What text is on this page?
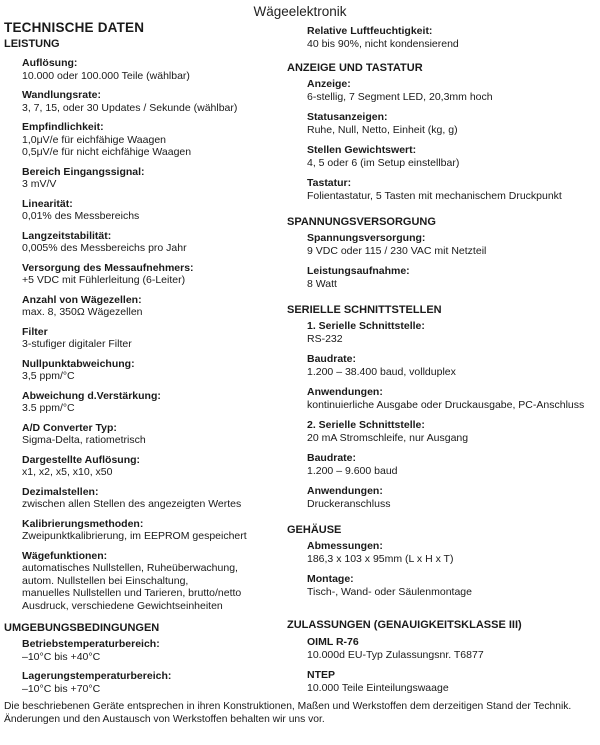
Wägeelektronik
TECHNISCHE DATEN
LEISTUNG
Auflösung:
10.000 oder 100.000 Teile (wählbar)
Wandlungsrate:
3, 7, 15, oder 30 Updates / Sekunde (wählbar)
Empfindlichkeit:
1,0μV/e für eichfähige Waagen
0,5μV/e für nicht eichfähige Waagen
Bereich Eingangssignal:
3 mV/V
Linearität:
0,01% des Messbereichs
Langzeitstabilität:
0,005% des Messbereichs pro Jahr
Versorgung des Messaufnehmers:
+5 VDC mit Fühlerleitung (6-Leiter)
Anzahl von Wägezellen:
max. 8, 350Ω Wägezellen
Filter
3-stufiger digitaler Filter
Nullpunktabweichung:
3,5 ppm/°C
Abweichung d.Verstärkung:
3.5 ppm/°C
A/D Converter Typ:
Sigma-Delta, ratiometrisch
Dargestellte Auflösung:
x1, x2, x5, x10, x50
Dezimalstellen:
zwischen allen Stellen des angezeigten Wertes
Kalibrierungsmethoden:
Zweipunktkalibrierung, im EEPROM gespeichert
Wägefunktionen:
automatisches Nullstellen, Ruheüberwachung,
autom. Nullstellen bei Einschaltung,
manuelles Nullstellen und Tarieren, brutto/netto
Ausdruck, verschiedene Gewichtseinheiten
UMGEBUNGSBEDINGUNGEN
Betriebstemperaturbereich:
–10°C bis +40°C
Lagerungstemperaturbereich:
–10°C bis +70°C
Relative Luftfeuchtigkeit:
40 bis 90%, nicht kondensierend
ANZEIGE UND TASTATUR
Anzeige:
6-stellig, 7 Segment LED, 20,3mm hoch
Statusanzeigen:
Ruhe, Null, Netto, Einheit (kg, g)
Stellen Gewichtswert:
4, 5 oder 6 (im Setup einstellbar)
Tastatur:
Folientastatur, 5 Tasten mit mechanischem Druckpunkt
SPANNUNGSVERSORGUNG
Spannungsversorgung:
9 VDC oder 115 / 230 VAC mit Netzteil
Leistungsaufnahme:
8 Watt
SERIELLE SCHNITTSTELLEN
1. Serielle Schnittstelle:
RS-232
Baudrate:
1.200 – 38.400 baud, vollduplex
Anwendungen:
kontinuierliche Ausgabe oder Druckausgabe, PC-Anschluss
2. Serielle Schnittstelle:
20 mA Stromschleife, nur Ausgang
Baudrate:
1.200 – 9.600 baud
Anwendungen:
Druckeranschluss
GEHÄUSE
Abmessungen:
186,3 x 103 x 95mm (L x H x T)
Montage:
Tisch-, Wand- oder Säulenmontage
ZULASSUNGEN (GENAUIGKEITSKLASSE III)
OIML R-76
10.000d EU-Typ Zulassungsnr. T6877
NTEP
10.000 Teile Einteilungswaage
Die beschriebenen Geräte entsprechen in ihren Konstruktionen, Maßen und Werkstoffen dem derzeitigen Stand der Technik.
Änderungen und den Austausch von Werkstoffen behalten wir uns vor.
